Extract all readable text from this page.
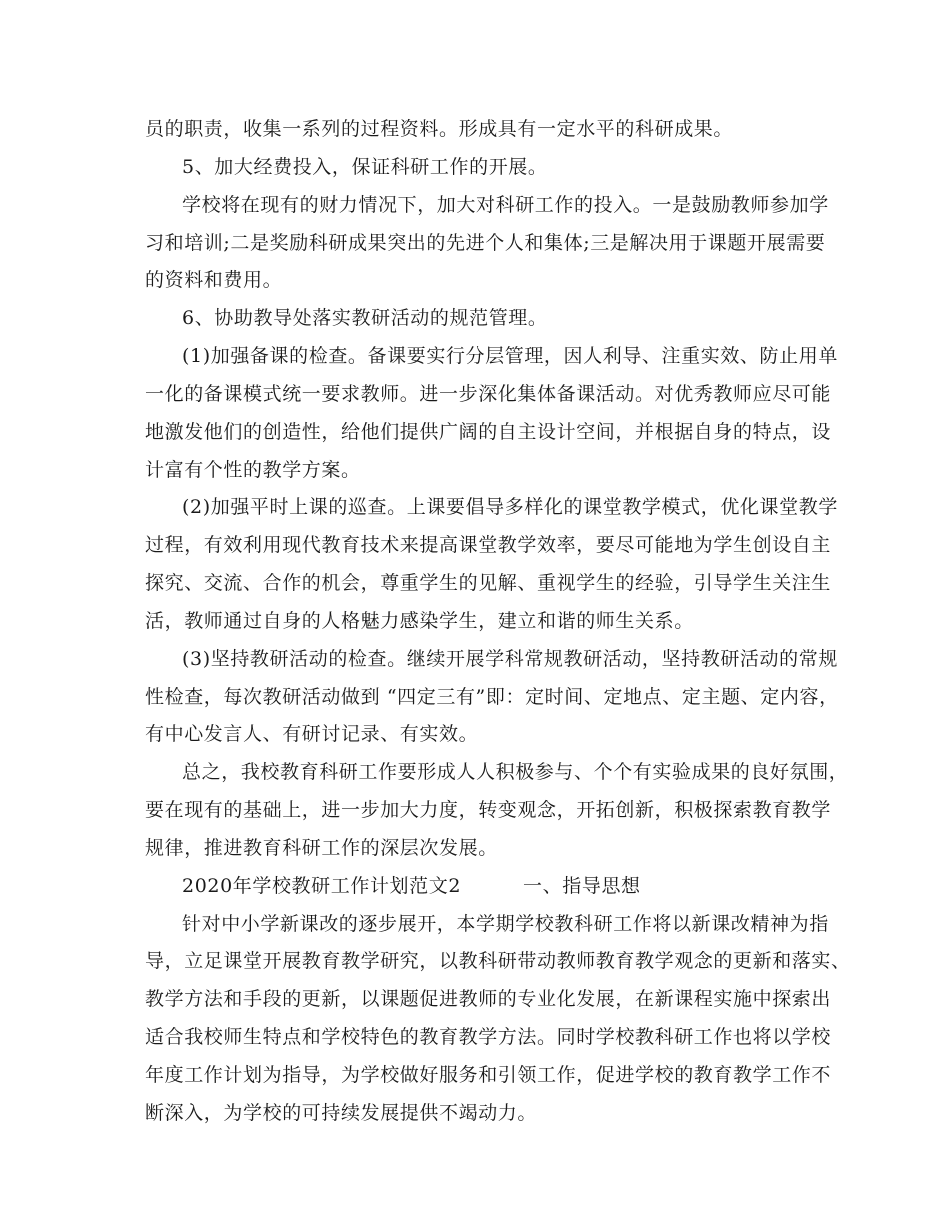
员的职责，收集一系列的过程资料。形成具有一定水平的科研成果。
5、加大经费投入，保证科研工作的开展。
学校将在现有的财力情况下，加大对科研工作的投入。一是鼓励教师参加学
习和培训;二是奖励科研成果突出的先进个人和集体;三是解决用于课题开展需要
的资料和费用。
6、协助教导处落实教研活动的规范管理。
(1)加强备课的检查。备课要实行分层管理，因人利导、注重实效、防止用单
一化的备课模式统一要求教师。进一步深化集体备课活动。对优秀教师应尽可能
地激发他们的创造性，给他们提供广阔的自主设计空间，并根据自身的特点，设
计富有个性的教学方案。
(2)加强平时上课的巡查。上课要倡导多样化的课堂教学模式，优化课堂教学
过程，有效利用现代教育技术来提高课堂教学效率，要尽可能地为学生创设自主
探究、交流、合作的机会，尊重学生的见解、重视学生的经验，引导学生关注生
活，教师通过自身的人格魅力感染学生，建立和谐的师生关系。
(3)坚持教研活动的检查。继续开展学科常规教研活动，坚持教研活动的常规
性检查，每次教研活动做到 “四定三有”即：定时间、定地点、定主题、定内容，
有中心发言人、有研讨记录、有实效。
总之，我校教育科研工作要形成人人积极参与、个个有实验成果的良好氛围，
要在现有的基础上，进一步加大力度，转变观念，开拓创新，积极探索教育教学
规律，推进教育科研工作的深层次发展。
2020年学校教研工作计划范文2	一、指导思想
针对中小学新课改的逐步展开，本学期学校教科研工作将以新课改精神为指
导，立足课堂开展教育教学研究，以教科研带动教师教育教学观念的更新和落实、
教学方法和手段的更新，以课题促进教师的专业化发展，在新课程实施中探索出
适合我校师生特点和学校特色的教育教学方法。同时学校教科研工作也将以学校
年度工作计划为指导，为学校做好服务和引领工作，促进学校的教育教学工作不
断深入，为学校的可持续发展提供不竭动力。
